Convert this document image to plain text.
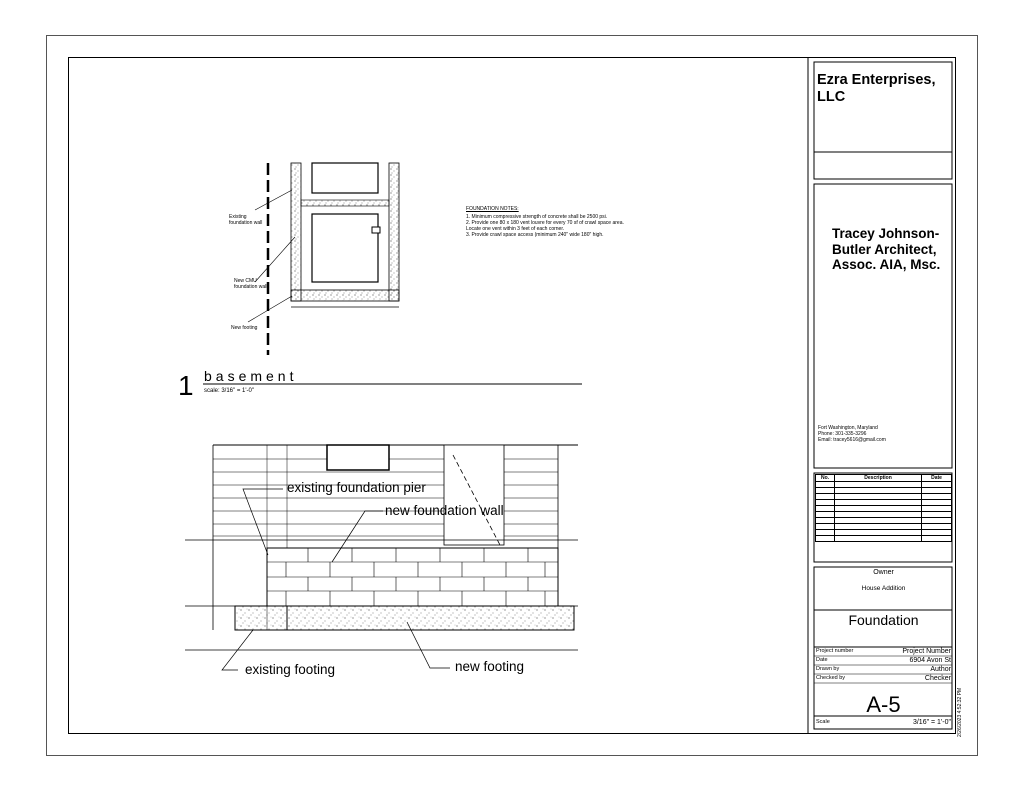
Ezra Enterprises, LLC
Tracey Johnson-Butler Architect, Assoc. AIA, Msc.
Fort Washington, Maryland
Phone: 301-335-3296
Email: tracey5616@gmail.com
No.	Description	Date

Owner
House Addition
Foundation
Project number	Project Number
Date	6904 Avon St
Drawn by	Author
Checked by	Checker
A-5
Scale	3/16" = 1'-0" 2/26/2023 4:52:32 PM
FOUNDATION NOTES:
1. Minimum compressive strength of concrete shall be 2500 psi.
2. Provide one 80 x 180 vent louvre for every 70 sf of crawl space area.
Locate one vent within 3 feet of each corner.
3. Provide crawl space access (minimum 240" wide 180" high.
Existing
foundation wall
New CMU
foundation wall
New footing
1 basement
scale: 3/16" = 1'-0"
existing foundation pier
new foundation wall
existing footing	new footing
